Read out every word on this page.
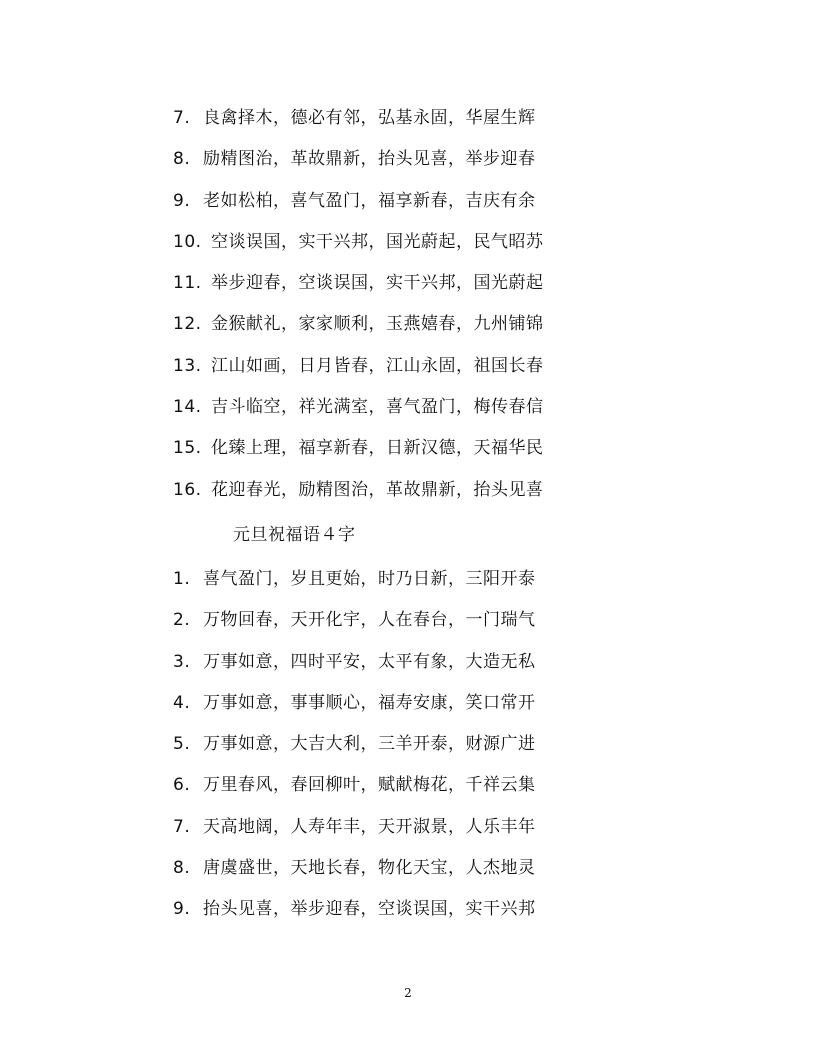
7. 良禽择木，德必有邻，弘基永固，华屋生辉
8. 励精图治，革故鼎新，抬头见喜，举步迎春
9. 老如松柏，喜气盈门，福享新春，吉庆有余
10. 空谈误国，实干兴邦，国光蔚起，民气昭苏
11. 举步迎春，空谈误国，实干兴邦，国光蔚起
12. 金猴献礼，家家顺利，玉燕嬉春，九州铺锦
13. 江山如画，日月皆春，江山永固，祖国长春
14. 吉斗临空，祥光满室，喜气盈门，梅传春信
15. 化臻上理，福享新春，日新汉德，天福华民
16. 花迎春光，励精图治，革故鼎新，抬头见喜
元旦祝福语４字
1. 喜气盈门，岁且更始，时乃日新，三阳开泰
2. 万物回春，天开化宇，人在春台，一门瑞气
3. 万事如意，四时平安，太平有象，大造无私
4. 万事如意，事事顺心，福寿安康，笑口常开
5. 万事如意，大吉大利，三羊开泰，财源广进
6. 万里春风，春回柳叶，赋献梅花，千祥云集
7. 天高地阔，人寿年丰，天开淑景，人乐丰年
8. 唐虞盛世，天地长春，物化天宝，人杰地灵
9. 抬头见喜，举步迎春，空谈误国，实干兴邦
2
